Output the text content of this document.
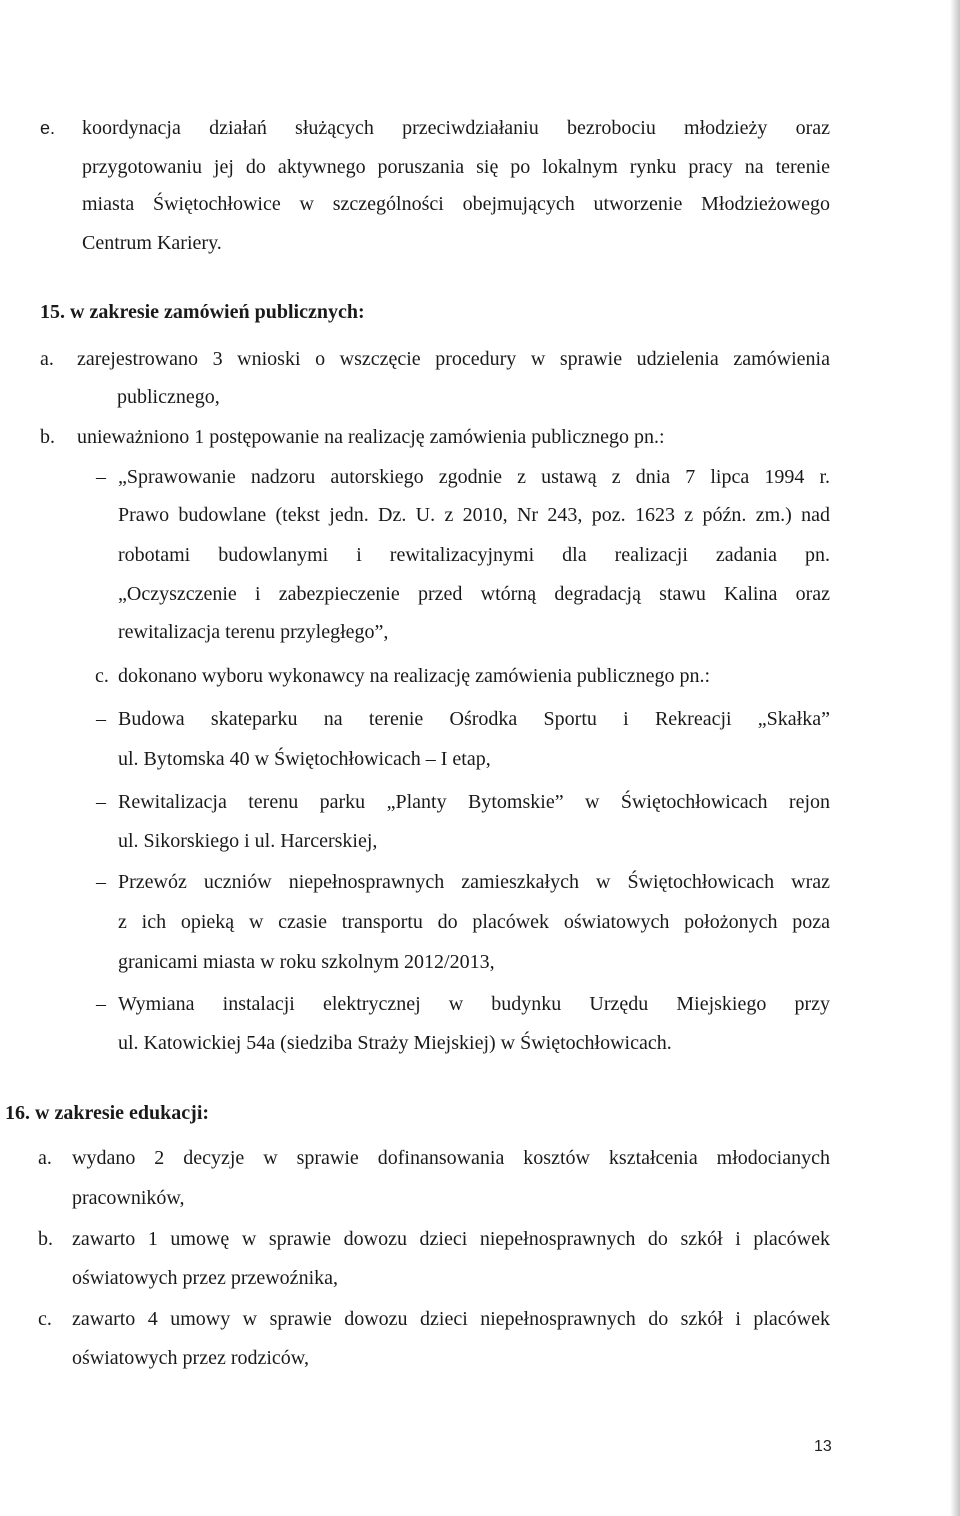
e. koordynacja działań służących przeciwdziałaniu bezrobociu młodzieży oraz
przygotowaniu jej do aktywnego poruszania się po lokalnym rynku pracy na terenie
miasta Świętochłowice w szczególności obejmujących utworzenie Młodzieżowego
Centrum Kariery.
15. w zakresie zamówień publicznych:
a. zarejestrowano 3 wnioski o wszczęcie procedury w sprawie udzielenia zamówienia
publicznego,
b. unieważniono 1 postępowanie na realizację zamówienia publicznego pn.:
– „Sprawowanie nadzoru autorskiego zgodnie z ustawą z dnia 7 lipca 1994 r.
Prawo budowlane (tekst jedn. Dz. U. z 2010, Nr 243, poz. 1623 z późn. zm.) nad
robotami budowlanymi i rewitalizacyjnymi dla realizacji zadania pn.
„Oczyszczenie i zabezpieczenie przed wtórną degradacją stawu Kalina oraz
rewitalizacja terenu przyległego”,
c. dokonano wyboru wykonawcy na realizację zamówienia publicznego pn.:
– Budowa skateparku na terenie Ośrodka Sportu i Rekreacji „Skałka”
ul. Bytomska 40 w Świętochłowicach – I etap,
– Rewitalizacja terenu parku „Planty Bytomskie” w Świętochłowicach rejon
ul. Sikorskiego i ul. Harcerskiej,
– Przewóz uczniów niepełnosprawnych zamieszkałych w Świętochłowicach wraz
z ich opieką w czasie transportu do placówek oświatowych położonych poza
granicami miasta w roku szkolnym 2012/2013,
– Wymiana instalacji elektrycznej w budynku Urzędu Miejskiego przy
ul. Katowickiej 54a (siedziba Straży Miejskiej) w Świętochłowicach.
16. w zakresie edukacji:
a. wydano 2 decyzje w sprawie dofinansowania kosztów kształcenia młodocianych
pracowników,
b. zawarto 1 umowę w sprawie dowozu dzieci niepełnosprawnych do szkół i placówek
oświatowych przez przewoźnika,
c. zawarto 4 umowy w sprawie dowozu dzieci niepełnosprawnych do szkół i placówek
oświatowych przez rodziców,
13
